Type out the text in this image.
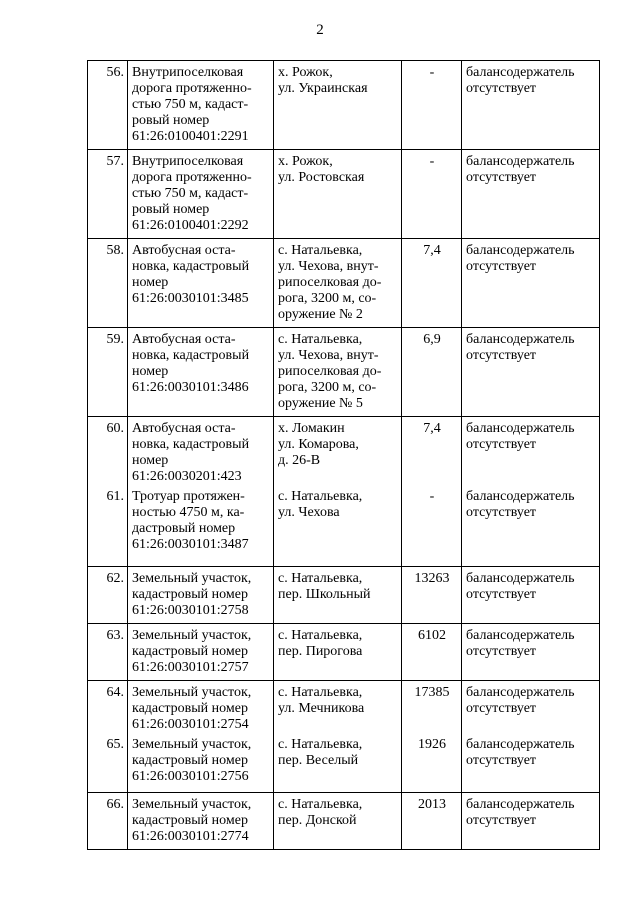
2
56.	Внутрипоселковая
дорога протяженно-
стью 750 м, кадаст-
ровый номер
61:26:0100401:2291	х. Рожок,
ул. Украинская	-	балансодержатель
отсутствует

57.	Внутрипоселковая
дорога протяженно-
стью 750 м, кадаст-
ровый номер
61:26:0100401:2292	х. Рожок,
ул. Ростовская	-	балансодержатель
отсутствует

58.	Автобусная оста-
новка, кадастровый
номер
61:26:0030101:3485	с. Натальевка,
ул. Чехова, внут-
рипоселковая до-
рога, 3200 м, со-
оружение № 2	7,4	балансодержатель
отсутствует

59.	Автобусная оста-
новка, кадастровый
номер
61:26:0030101:3486	с. Натальевка,
ул. Чехова, внут-
рипоселковая до-
рога, 3200 м, со-
оружение № 5	6,9	балансодержатель
отсутствует

60.	Автобусная оста-
новка, кадастровый
номер
61:26:0030201:423	х. Ломакин
ул. Комарова,
д. 26-В	7,4	балансодержатель
отсутствует

61.	Тротуар протяжен-
ностью 4750 м, ка-
дастровый номер
61:26:0030101:3487	с. Натальевка,
ул. Чехова	-	балансодержатель
отсутствует

62.	Земельный участок,
кадастровый номер
61:26:0030101:2758	с. Натальевка,
пер. Школьный	13263	балансодержатель
отсутствует

63.	Земельный участок,
кадастровый номер
61:26:0030101:2757	с. Натальевка,
пер. Пирогова	6102	балансодержатель
отсутствует

64.	Земельный участок,
кадастровый номер
61:26:0030101:2754	с. Натальевка,
ул. Мечникова	17385	балансодержатель
отсутствует

65.	Земельный участок,
кадастровый номер
61:26:0030101:2756	с. Натальевка,
пер. Веселый	1926	балансодержатель
отсутствует

66.	Земельный участок,
кадастровый номер
61:26:0030101:2774	с. Натальевка,
пер. Донской	2013	балансодержатель
отсутствует
